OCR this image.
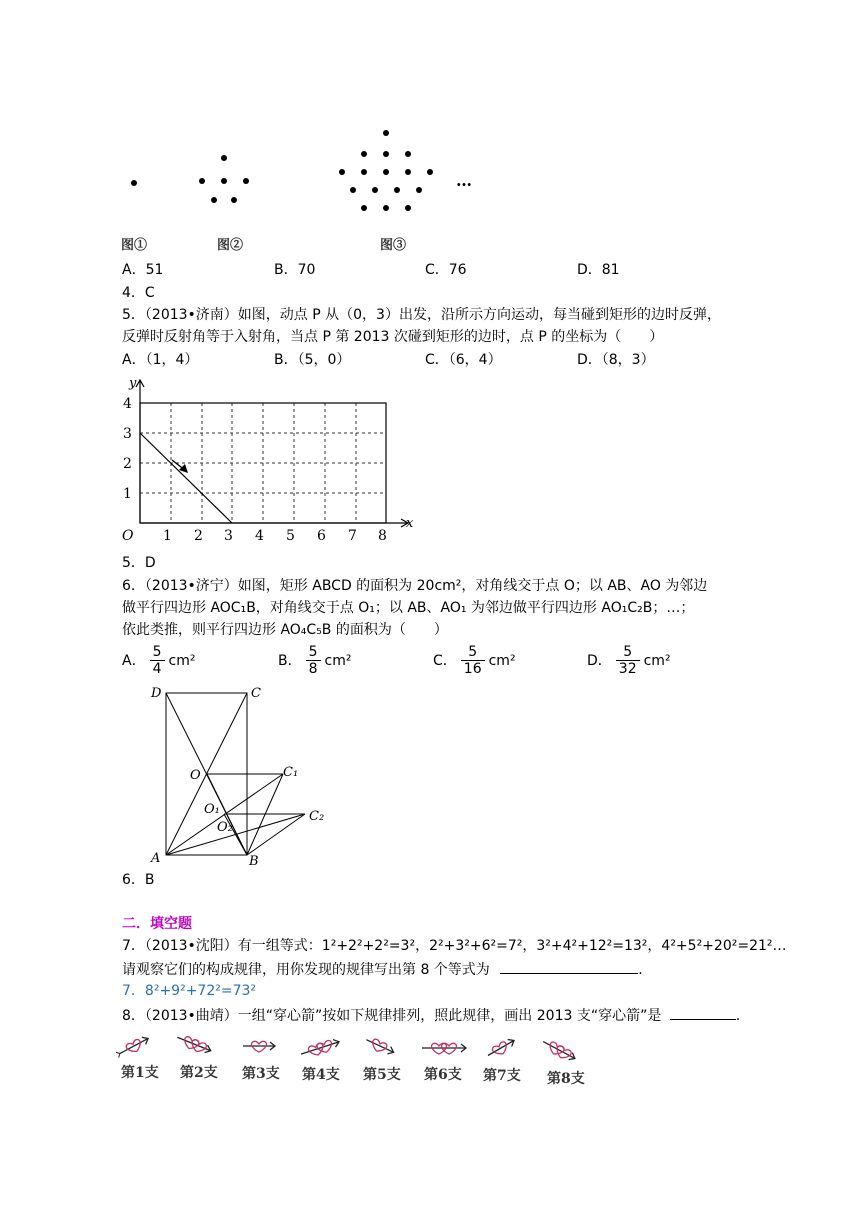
…
图①	图②	图③
A．51	B．70	C．76	D．81
4．C
5．（2013•济南）如图，动点 P 从（0，3）出发，沿所示方向运动，每当碰到矩形的边时反弹，
反弹时反射角等于入射角，当点 P 第 2013 次碰到矩形的边时，点 P 的坐标为（　　）
A．（1，4）	B．（5，0）	C．（6，4）	D．（8，3）
y
x
O
4
3
2
1
1 2 3 4 5 6 7 8
5．D
6．（2013•济宁）如图，矩形 ABCD 的面积为 20cm²，对角线交于点 O；以 AB、AO 为邻边
做平行四边形 AOC₁B，对角线交于点 O₁；以 AB、AO₁ 为邻边做平行四边形 AO₁C₂B；…；
依此类推，则平行四边形 AO₄C₅B 的面积为（　　）
A． $\frac{5}{4} cm^2$	B． $\frac{5}{8} cm^2$	C． $\frac{5}{16} cm^2$	D． $\frac{5}{32} cm^2$
D	C
O	C₁
O₁
O₂
C₂
A	B
6．B
二．填空题
7．（2013•沈阳）有一组等式：1²+2²+2²=3²，2²+3²+6²=7²，3²+4²+12²=13²，4²+5²+20²=21²…
请观察它们的构成规律，用你发现的规律写出第 8 个等式为	.
7．8²+9²+72²=73²
8．（2013•曲靖）一组“穿心箭”按如下规律排列，照此规律，画出 2013 支“穿心箭”是	.
第1支 第2支 第3支 第4支 第5支 第6支 第7支 第8支
